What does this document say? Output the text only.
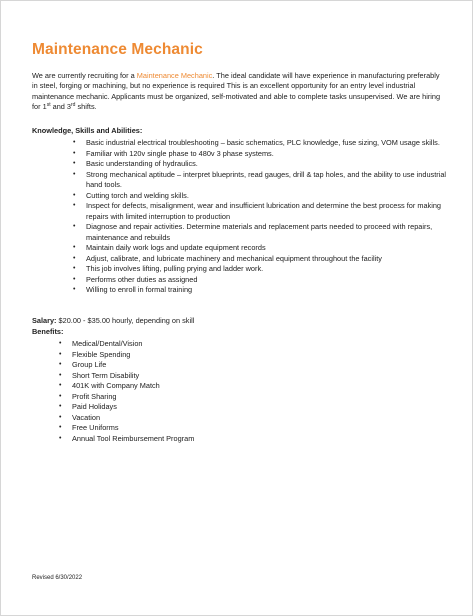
Maintenance Mechanic

We are currently recruiting for a Maintenance Mechanic. The ideal candidate will have experience in manufacturing preferably in steel, forging or machining, but no experience is required This is an excellent opportunity for an entry level industrial maintenance mechanic. Applicants must be organized, self-motivated and able to complete tasks unsupervised. We are hiring for 1st and 3rd shifts.

Knowledge, Skills and Abilities:

• Basic industrial electrical troubleshooting – basic schematics, PLC knowledge, fuse sizing, VOM usage skills.
• Familiar with 120v single phase to 480v 3 phase systems.
• Basic understanding of hydraulics.
• Strong mechanical aptitude – interpret blueprints, read gauges, drill & tap holes, and the ability to use industrial hand tools.
• Cutting torch and welding skills.
• Inspect for defects, misalignment, wear and insufficient lubrication and determine the best process for making repairs with limited interruption to production
• Diagnose and repair activities. Determine materials and replacement parts needed to proceed with repairs, maintenance and rebuilds
• Maintain daily work logs and update equipment records
• Adjust, calibrate, and lubricate machinery and mechanical equipment throughout the facility
• This job involves lifting, pulling prying and ladder work.
• Performs other duties as assigned
• Willing to enroll in formal training

Salary: $20.00 - $35.00 hourly, depending on skill

Benefits:

• Medical/Dental/Vision
• Flexible Spending
• Group Life
• Short Term Disability
• 401K with Company Match
• Profit Sharing
• Paid Holidays
• Vacation
• Free Uniforms
• Annual Tool Reimbursement Program

Revised 6/30/2022
